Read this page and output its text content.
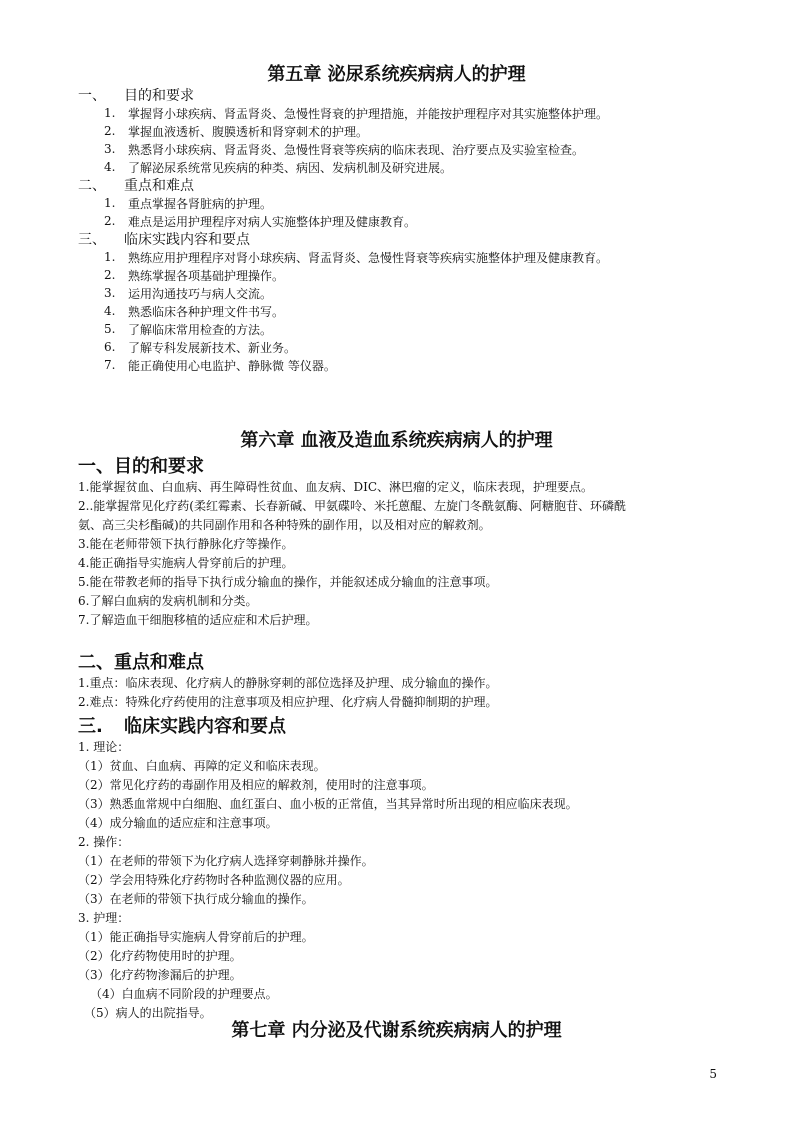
第五章 泌尿系统疾病病人的护理
一、	目的和要求
1.	掌握肾小球疾病、肾盂肾炎、急慢性肾衰的护理措施，并能按护理程序对其实施整体护理。
2.	掌握血液透析、腹膜透析和肾穿刺术的护理。
3.	熟悉肾小球疾病、肾盂肾炎、急慢性肾衰等疾病的临床表现、治疗要点及实验室检查。
4.	了解泌尿系统常见疾病的种类、病因、发病机制及研究进展。
二、	重点和难点
1.	重点掌握各肾脏病的护理。
2.	难点是运用护理程序对病人实施整体护理及健康教育。
三、	临床实践内容和要点
1.	熟练应用护理程序对肾小球疾病、肾盂肾炎、急慢性肾衰等疾病实施整体护理及健康教育。
2.	熟练掌握各项基础护理操作。
3.	运用沟通技巧与病人交流。
4.	熟悉临床各种护理文件书写。
5.	了解临床常用检查的方法。
6.	了解专科发展新技术、新业务。
7.	能正确使用心电监护、静脉微 等仪器。
第六章 血液及造血系统疾病病人的护理
一、目的和要求
1.能掌握贫血、白血病、再生障碍性贫血、血友病、DIC、淋巴瘤的定义，临床表现，护理要点。
2..能掌握常见化疗药(柔红霉素、长春新碱、甲氨碟呤、米托蒽醌、左旋门冬酰氨酶、阿糖胞苷、环磷酰
氨、高三尖杉酯碱)的共同副作用和各种特殊的副作用，以及相对应的解救剂。
3.能在老师带领下执行静脉化疗等操作。
4.能正确指导实施病人骨穿前后的护理。
5.能在带教老师的指导下执行成分输血的操作，并能叙述成分输血的注意事项。
6.了解白血病的发病机制和分类。
7.了解造血干细胞移植的适应症和术后护理。
二、重点和难点
1.重点：临床表现、化疗病人的静脉穿刺的部位选择及护理、成分输血的操作。
2.难点：特殊化疗药使用的注意事项及相应护理、化疗病人骨髓抑制期的护理。
三.	临床实践内容和要点
1. 理论：
（1）贫血、白血病、再障的定义和临床表现。
（2）常见化疗药的毒副作用及相应的解救剂，使用时的注意事项。
（3）熟悉血常规中白细胞、血红蛋白、血小板的正常值，当其异常时所出现的相应临床表现。
（4）成分输血的适应症和注意事项。
2. 操作：
（1）在老师的带领下为化疗病人选择穿刺静脉并操作。
（2）学会用特殊化疗药物时各种监测仪器的应用。
（3）在老师的带领下执行成分输血的操作。
3. 护理：
（1）能正确指导实施病人骨穿前后的护理。
（2）化疗药物使用时的护理。
（3）化疗药物渗漏后的护理。
（4）白血病不同阶段的护理要点。
（5）病人的出院指导。
第七章 内分泌及代谢系统疾病病人的护理
5
